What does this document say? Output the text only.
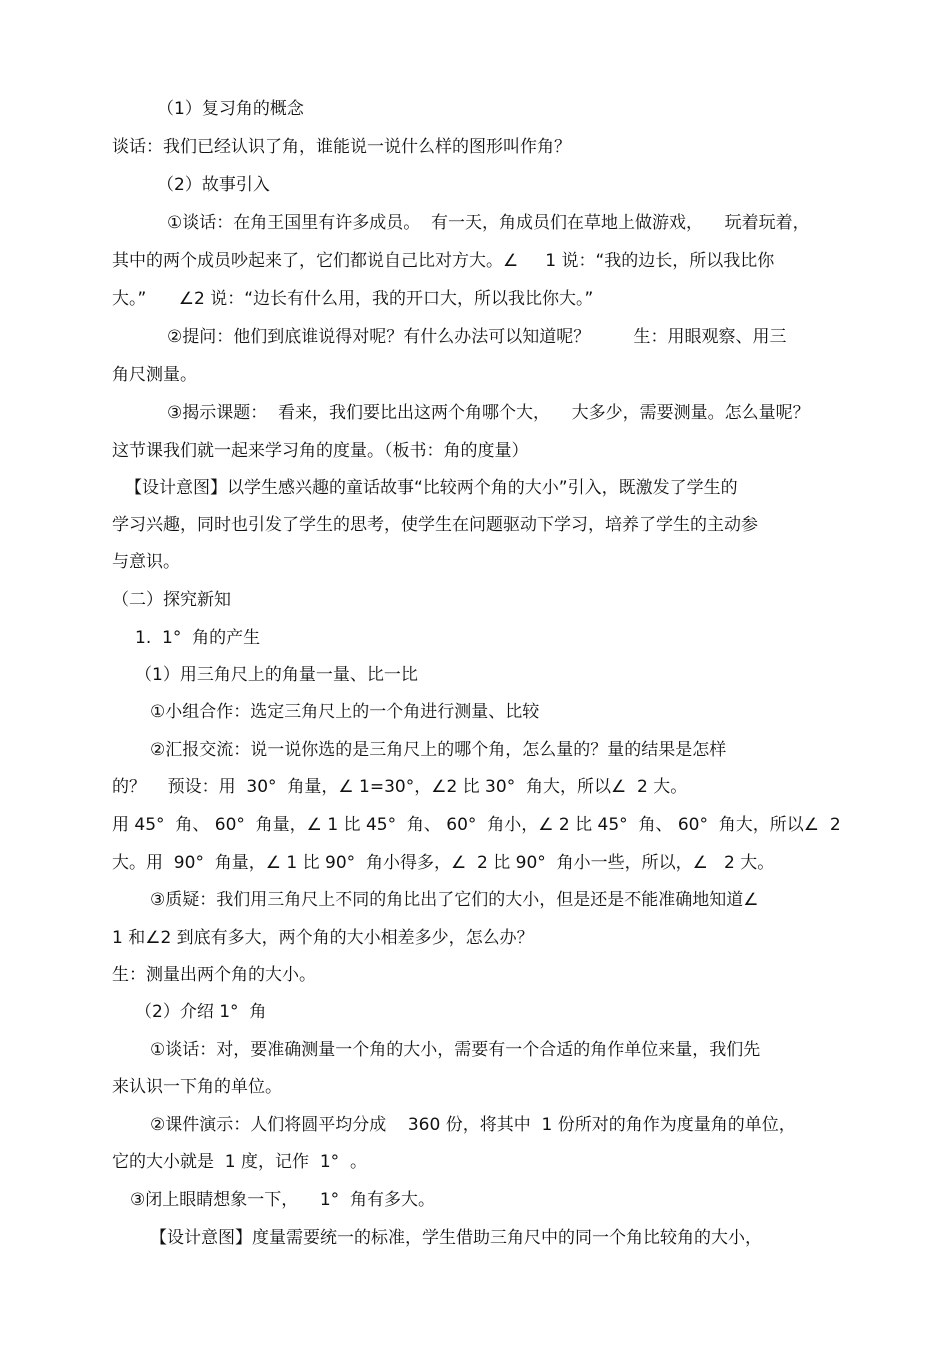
（1）复习角的概念

谈话：我们已经认识了角，谁能说一说什么样的图形叫作角？

（2）故事引入

①谈话：在角王国里有许多成员。  有一天，角成员们在草地上做游戏，    玩着玩着，

其中的两个成员吵起来了，它们都说自己比对方大。∠     1 说：“我的边长，所以我比你

大。”      ∠2 说：“边长有什么用，我的开口大，所以我比你大。”

②提问：他们到底谁说得对呢？有什么办法可以知道呢？        生：用眼观察、用三

角尺测量。

③揭示课题：  看来，我们要比出这两个角哪个大，    大多少，需要测量。怎么量呢？

这节课我们就一起来学习角的度量。（板书：角的度量）

【设计意图】以学生感兴趣的童话故事“比较两个角的大小”引入，既激发了学生的

学习兴趣，同时也引发了学生的思考，使学生在问题驱动下学习，培养了学生的主动参

与意识。

（二）探究新知

1.  1°  角的产生

（1）用三角尺上的角量一量、比一比

①小组合作：选定三角尺上的一个角进行测量、比较

②汇报交流：说一说你选的是三角尺上的哪个角，怎么量的？量的结果是怎样

的？    预设：用  30°  角量，∠ 1=30°，∠2 比 30°  角大，所以∠  2 大。

用 45°  角、 60°  角量，∠ 1 比 45°  角、 60°  角小，∠ 2 比 45°  角、 60°  角大，所以∠  2

大。用  90°  角量，∠ 1 比 90°  角小得多，∠  2 比 90°  角小一些，所以，∠   2 大。

③质疑：我们用三角尺上不同的角比出了它们的大小，但是还是不能准确地知道∠

1 和∠2 到底有多大，两个角的大小相差多少，怎么办？

生：测量出两个角的大小。

（2）介绍 1°  角

①谈话：对，要准确测量一个角的大小，需要有一个合适的角作单位来量，我们先

来认识一下角的单位。

②课件演示：人们将圆平均分成    360 份，将其中  1 份所对的角作为度量角的单位，

它的大小就是  1 度，记作  1°  。

③闭上眼睛想象一下，    1°  角有多大。

【设计意图】度量需要统一的标准，学生借助三角尺中的同一个角比较角的大小，
